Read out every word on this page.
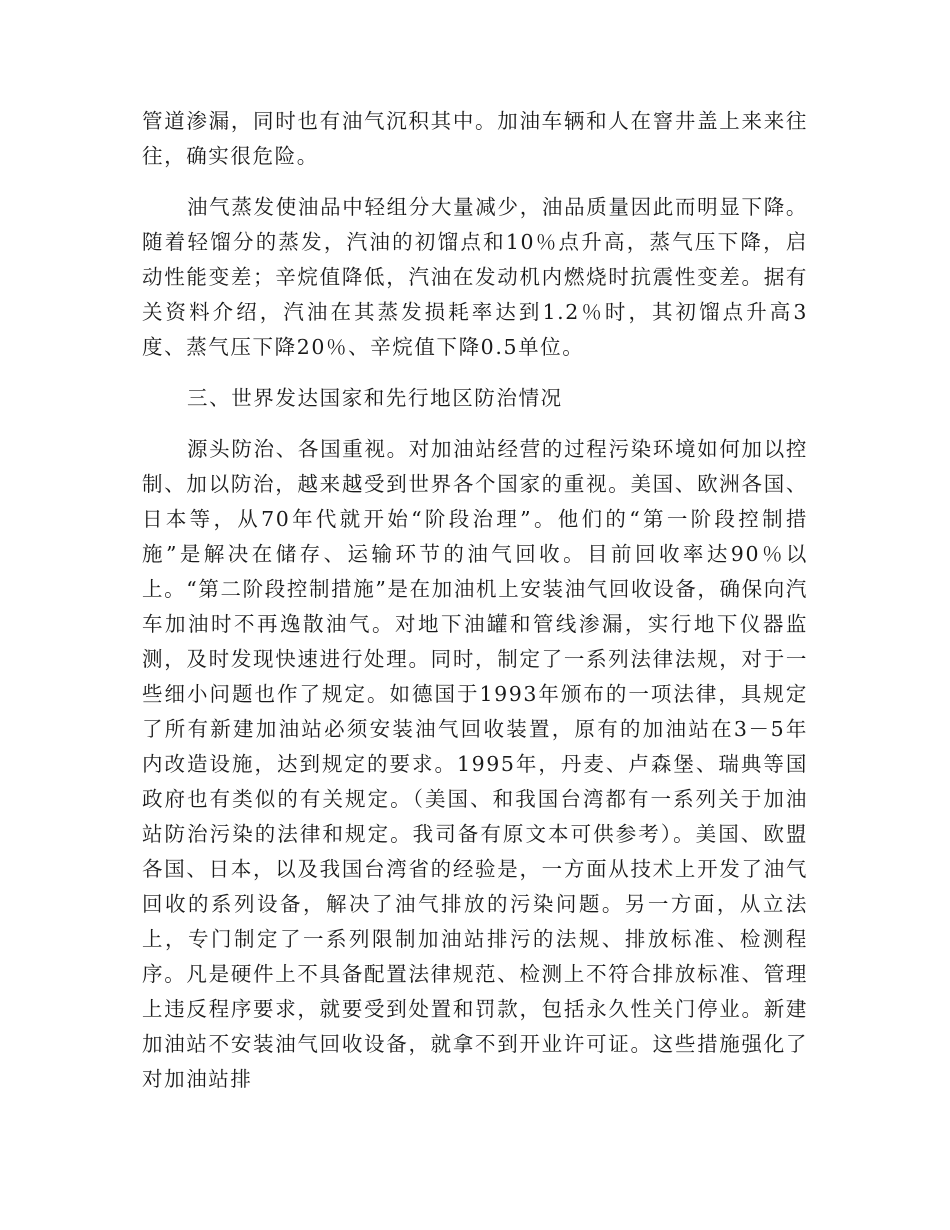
管道渗漏，同时也有油气沉积其中。加油车辆和人在窨井盖上来来往往，确实很危险。

油气蒸发使油品中轻组分大量减少，油品质量因此而明显下降。随着轻馏分的蒸发，汽油的初馏点和10％点升高，蒸气压下降，启动性能变差；辛烷值降低，汽油在发动机内燃烧时抗震性变差。据有关资料介绍，汽油在其蒸发损耗率达到1.2％时，其初馏点升高3度、蒸气压下降20％、辛烷值下降0.5单位。

三、世界发达国家和先行地区防治情况

源头防治、各国重视。对加油站经营的过程污染环境如何加以控制、加以防治，越来越受到世界各个国家的重视。美国、欧洲各国、日本等，从70年代就开始“阶段治理”。他们的“第一阶段控制措施”是解决在储存、运输环节的油气回收。目前回收率达90％以上。“第二阶段控制措施”是在加油机上安装油气回收设备，确保向汽车加油时不再逸散油气。对地下油罐和管线渗漏，实行地下仪器监测，及时发现快速进行处理。同时，制定了一系列法律法规，对于一些细小问题也作了规定。如德国于1993年颁布的一项法律，具规定了所有新建加油站必须安装油气回收装置，原有的加油站在3－5年内改造设施，达到规定的要求。1995年，丹麦、卢森堡、瑞典等国政府也有类似的有关规定。（美国、和我国台湾都有一系列关于加油站防治污染的法律和规定。我司备有原文本可供参考）。美国、欧盟各国、日本，以及我国台湾省的经验是，一方面从技术上开发了油气回收的系列设备，解决了油气排放的污染问题。另一方面，从立法上，专门制定了一系列限制加油站排污的法规、排放标准、检测程序。凡是硬件上不具备配置法律规范、检测上不符合排放标准、管理上违反程序要求，就要受到处置和罚款，包括永久性关门停业。新建加油站不安装油气回收设备，就拿不到开业许可证。这些措施强化了对加油站排
